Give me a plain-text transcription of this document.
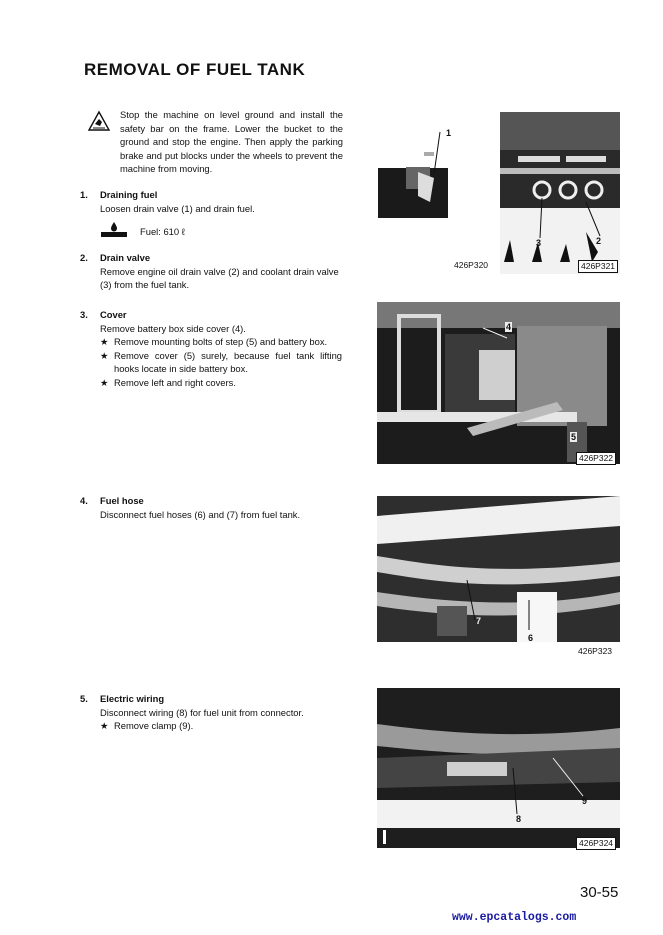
REMOVAL OF FUEL TANK
Stop the machine on level ground and install the safety bar on the frame. Lower the bucket to the ground and stop the engine. Then apply the parking brake and put blocks under the wheels to prevent the machine from moving.
1. Draining fuel
Loosen drain valve (1) and drain fuel.
Fuel: 610 ℓ
2. Drain valve
Remove engine oil drain valve (2) and coolant drain valve (3) from the fuel tank.
3. Cover
Remove battery box side cover (4).
★ Remove mounting bolts of step (5) and battery box.
★ Remove cover (5) surely, because fuel tank lifting hooks locate in side battery box.
★ Remove left and right covers.
4. Fuel hose
Disconnect fuel hoses (6) and (7) from fuel tank.
5. Electric wiring
Disconnect wiring (8) for fuel unit from connector.
★ Remove clamp (9).
1
426P320
3	2
426P321
4
5
426P322
7
6
426P323
9
8
426P324
30-55
www.epcatalogs.com
